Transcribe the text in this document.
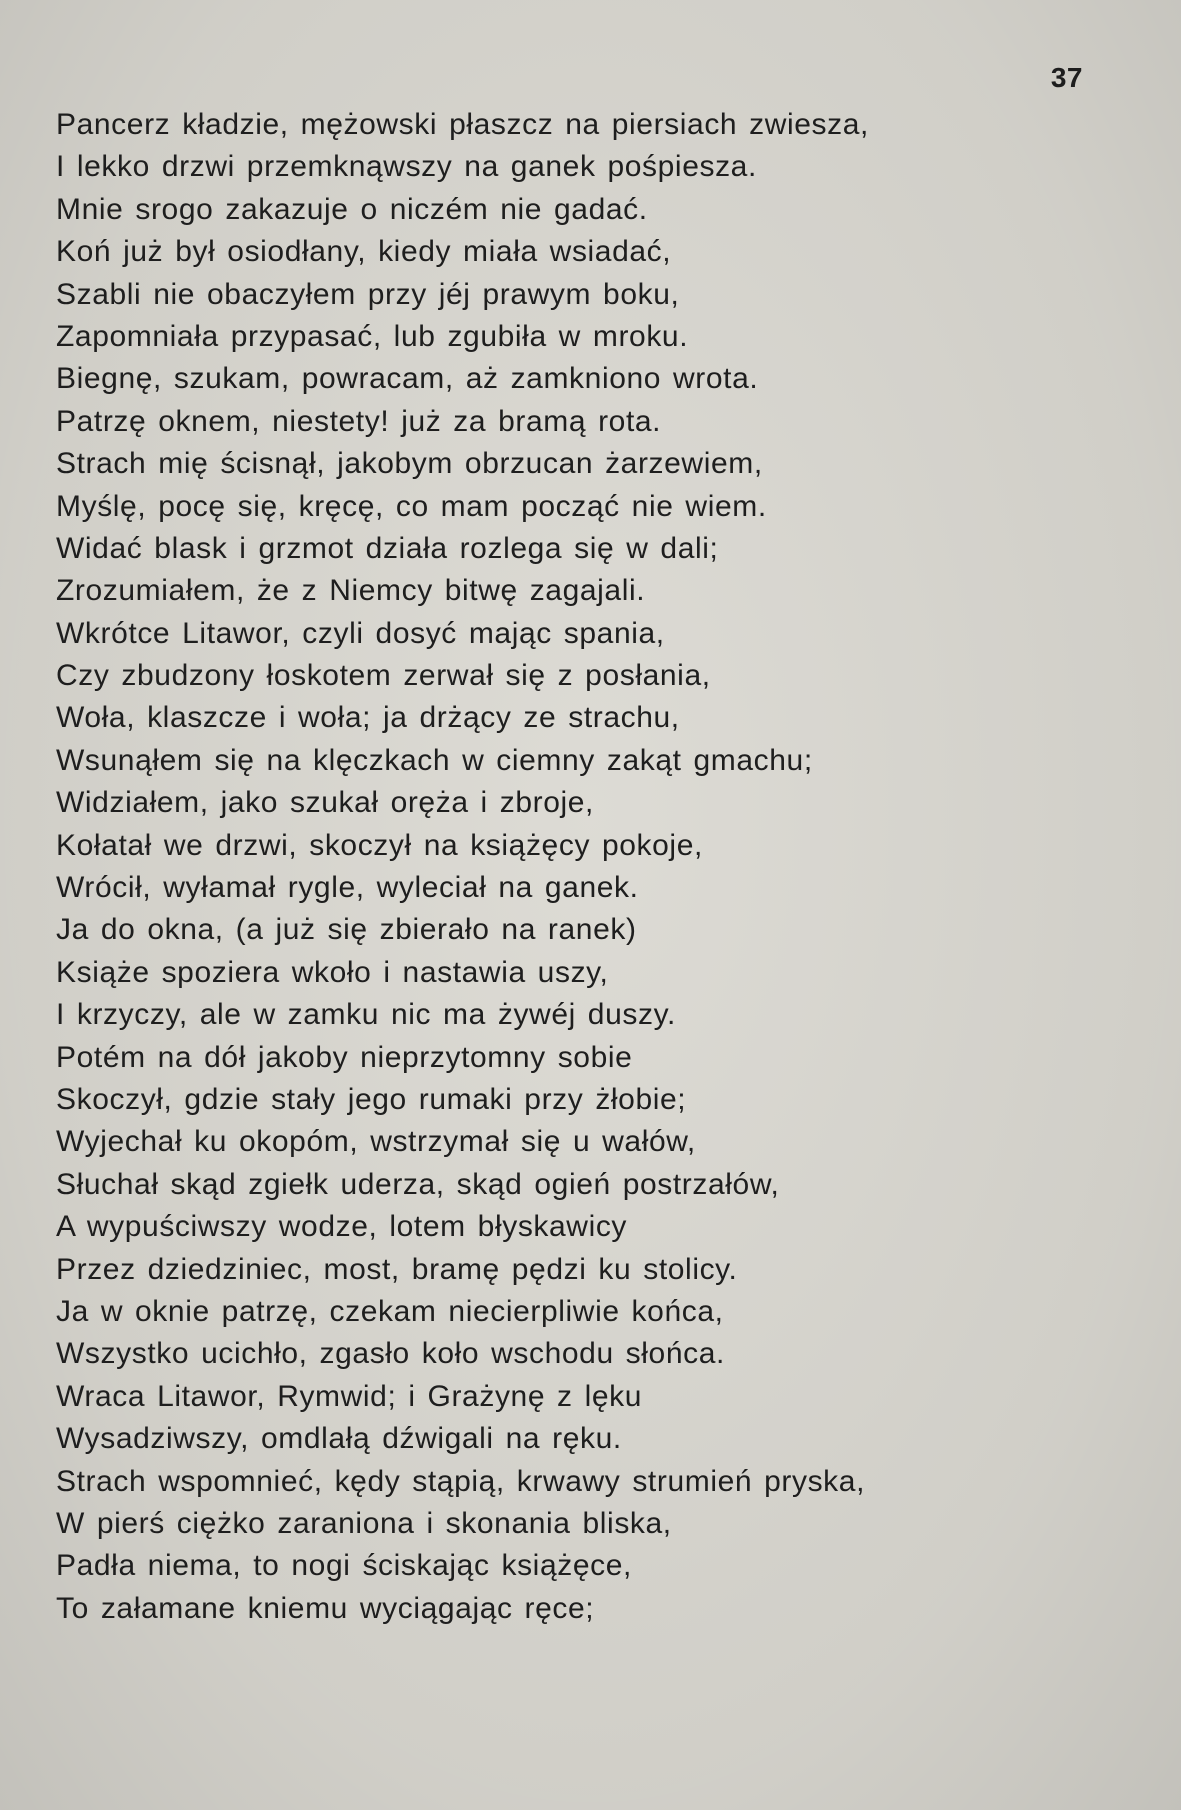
37
Pancerz kładzie, mężowski płaszcz na piersiach zwiesza,
I lekko drzwi przemknąwszy na ganek pośpiesza.
Mnie srogo zakazuje o niczém nie gadać.
Koń już był osiodłany, kiedy miała wsiadać,
Szabli nie obaczyłem przy jéj prawym boku,
Zapomniała przypasać, lub zgubiła w mroku.
Biegnę, szukam, powracam, aż zamkniono wrota.
Patrzę oknem, niestety! już za bramą rota.
Strach mię ścisnął, jakobym obrzucan żarzewiem,
Myślę, pocę się, kręcę, co mam począć nie wiem.
Widać blask i grzmot działa rozlega się w dali;
Zrozumiałem, że z Niemcy bitwę zagajali.
Wkrótce Litawor, czyli dosyć mając spania,
Czy zbudzony łoskotem zerwał się z posłania,
Woła, klaszcze i woła; ja drżący ze strachu,
Wsunąłem się na klęczkach w ciemny zakąt gmachu;
Widziałem, jako szukał oręża i zbroje,
Kołatał we drzwi, skoczył na książęcy pokoje,
Wrócił, wyłamał rygle, wyleciał na ganek.
Ja do okna, (a już się zbierało na ranek)
Książe spoziera wkoło i nastawia uszy,
I krzyczy, ale w zamku nic ma żywéj duszy.
Potém na dół jakoby nieprzytomny sobie
Skoczył, gdzie stały jego rumaki przy żłobie;
Wyjechał ku okopóm, wstrzymał się u wałów,
Słuchał skąd zgiełk uderza, skąd ogień postrzałów,
A wypuściwszy wodze, lotem błyskawicy
Przez dziedziniec, most, bramę pędzi ku stolicy.
Ja w oknie patrzę, czekam niecierpliwie końca,
Wszystko ucichło, zgasło koło wschodu słońca.
Wraca Litawor, Rymwid; i Grażynę z lęku
Wysadziwszy, omdlałą dźwigali na ręku.
Strach wspomnieć, kędy stąpią, krwawy strumień pryska,
W pierś ciężko zaraniona i skonania bliska,
Padła niema, to nogi ściskając książęce,
To załamane kniemu wyciągając ręce;
